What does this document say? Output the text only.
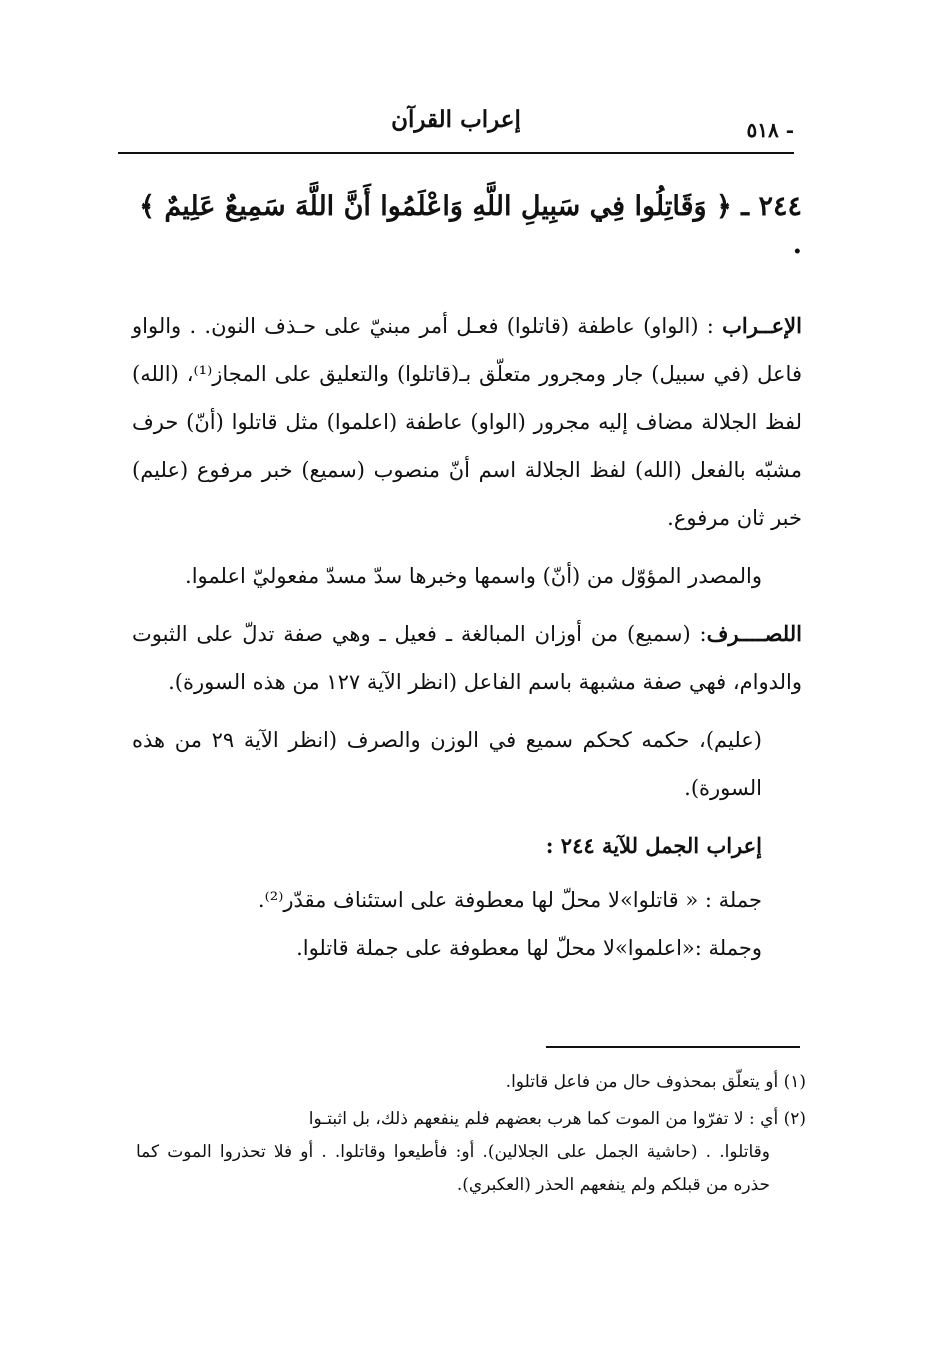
- ٥١٨
إعراب القرآن
٢٤٤ ـ ﴿ وَقَاتِلُوا فِي سَبِيلِ اللَّهِ وَاعْلَمُوا أَنَّ اللَّهَ سَمِيعٌ عَلِيمٌ ﴾ .

الإعــراب : (الواو) عاطفة (قاتلوا) فعـل أمر مبنيّ على حـذف النون. . والواو فاعل (في سبيل) جار ومجرور متعلّق بـ(قاتلوا) والتعليق على المجاز⁽¹⁾، (الله) لفظ الجلالة مضاف إليه مجرور (الواو) عاطفة (اعلموا) مثل قاتلوا (أنّ) حرف مشبّه بالفعل (الله) لفظ الجلالة اسم أنّ منصوب (سميع) خبر مرفوع (عليم) خبر ثان مرفوع.

والمصدر المؤوّل من (أنّ) واسمها وخبرها سدّ مسدّ مفعوليّ اعلموا.

اللصــــرف: (سميع) من أوزان المبالغة ـ فعيل ـ وهي صفة تدلّ على الثبوت والدوام، فهي صفة مشبهة باسم الفاعل (انظر الآية ١٢٧ من هذه السورة).

(عليم)، حكمه كحكم سميع في الوزن والصرف (انظر الآية ٢٩ من هذه السورة).

إعراب الجمل للآية ٢٤٤ :
جملة : « قاتلوا»لا محلّ لها معطوفة على استئناف مقدّر⁽²⁾.
وجملة :«اعلموا»لا محلّ لها معطوفة على جملة قاتلوا.
(١) أو يتعلّق بمحذوف حال من فاعل قاتلوا.
(٢) أي : لا تفرّوا من الموت كما هرب بعضهم فلم ينفعهم ذلك، بل اثبتـوا
وقاتلوا. . (حاشية الجمل على الجلالين). أو: فأطيعوا وقاتلوا. . أو فلا تحذروا الموت كما حذره من قبلكم ولم ينفعهم الحذر (العكبري).
